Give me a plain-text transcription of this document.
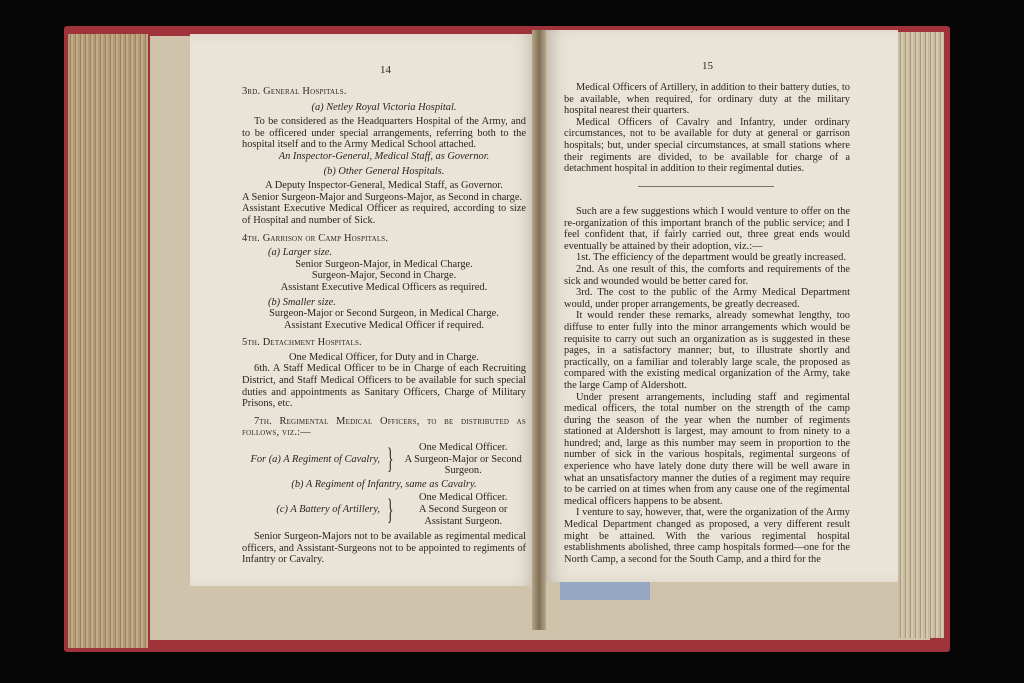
14

3rd. General Hospitals.

(a) Netley Royal Victoria Hospital.

To be considered as the Headquarters Hospital of the Army, and to be officered under special arrangements, referring both to the hospital itself and to the Army Medical School attached.

An Inspector-General, Medical Staff, as Governor.

(b) Other General Hospitals.

A Deputy Inspector-General, Medical Staff, as Governor.

A Senior Surgeon-Major and Surgeons-Major, as Second in charge.

Assistant Executive Medical Officer as required, according to size of Hospital and number of Sick.

4th. Garrison or Camp Hospitals.

(a) Larger size.

Senior Surgeon-Major, in Medical Charge.

Surgeon-Major, Second in Charge.

Assistant Executive Medical Officers as required.

(b) Smaller size.

Surgeon-Major or Second Surgeon, in Medical Charge.

Assistant Executive Medical Officer if required.

5th. Detachment Hospitals.

One Medical Officer, for Duty and in Charge.

6th. A Staff Medical Officer to be in Charge of each Recruiting District, and Staff Medical Officers to be available for such special duties and appointments as Sanitary Officers, Charge of Military Prisons, etc.

7th. Regimental Medical Officers, to be distributed as follows, viz.:—

For (a) A Regiment of Cavalry, }	One Medical Officer.
A Surgeon-Major or Second Surgeon.

(b) A Regiment of Infantry, same as Cavalry.

(c) A Battery of Artillery, }	One Medical Officer.
A Second Surgeon or Assistant Surgeon.

Senior Surgeon-Majors not to be available as regimental medical officers, and Assistant-Surgeons not to be appointed to regiments of Infantry or Cavalry.

15

Medical Officers of Artillery, in addition to their battery duties, to be available, when required, for ordinary duty at the military hospital nearest their quarters.

Medical Officers of Cavalry and Infantry, under ordinary circumstances, not to be available for duty at general or garrison hospitals; but, under special circumstances, at small stations where their regiments are divided, to be available for charge of a detachment hospital in addition to their regimental duties.

Such are a few suggestions which I would venture to offer on the re-organization of this important branch of the public service; and I feel confident that, if fairly carried out, three great ends would eventually be attained by their adoption, viz.:—

1st. The efficiency of the department would be greatly increased.

2nd. As one result of this, the comforts and requirements of the sick and wounded would be better cared for.

3rd. The cost to the public of the Army Medical Department would, under proper arrangements, be greatly decreased.

It would render these remarks, already somewhat lengthy, too diffuse to enter fully into the minor arrangements which would be requisite to carry out such an organization as is suggested in these pages, in a satisfactory manner; but, to illustrate shortly and practically, on a familiar and tolerably large scale, the proposed as compared with the existing medical organization of the Army, take the large Camp of Aldershott.

Under present arrangements, including staff and regimental medical officers, the total number on the strength of the camp during the season of the year when the number of regiments stationed at Aldershott is largest, may amount to from ninety to a hundred; and, large as this number may seem in proportion to the number of sick in the various hospitals, regimental surgeons of experience who have lately done duty there will be well aware in what an unsatisfactory manner the duties of a regiment may require to be carried on at times when from any cause one of the regimental medical officers happens to be absent.

I venture to say, however, that, were the organization of the Army Medical Department changed as proposed, a very different result might be attained. With the various regimental hospital establishments abolished, three camp hospitals formed—one for the North Camp, a second for the South Camp, and a third for the
